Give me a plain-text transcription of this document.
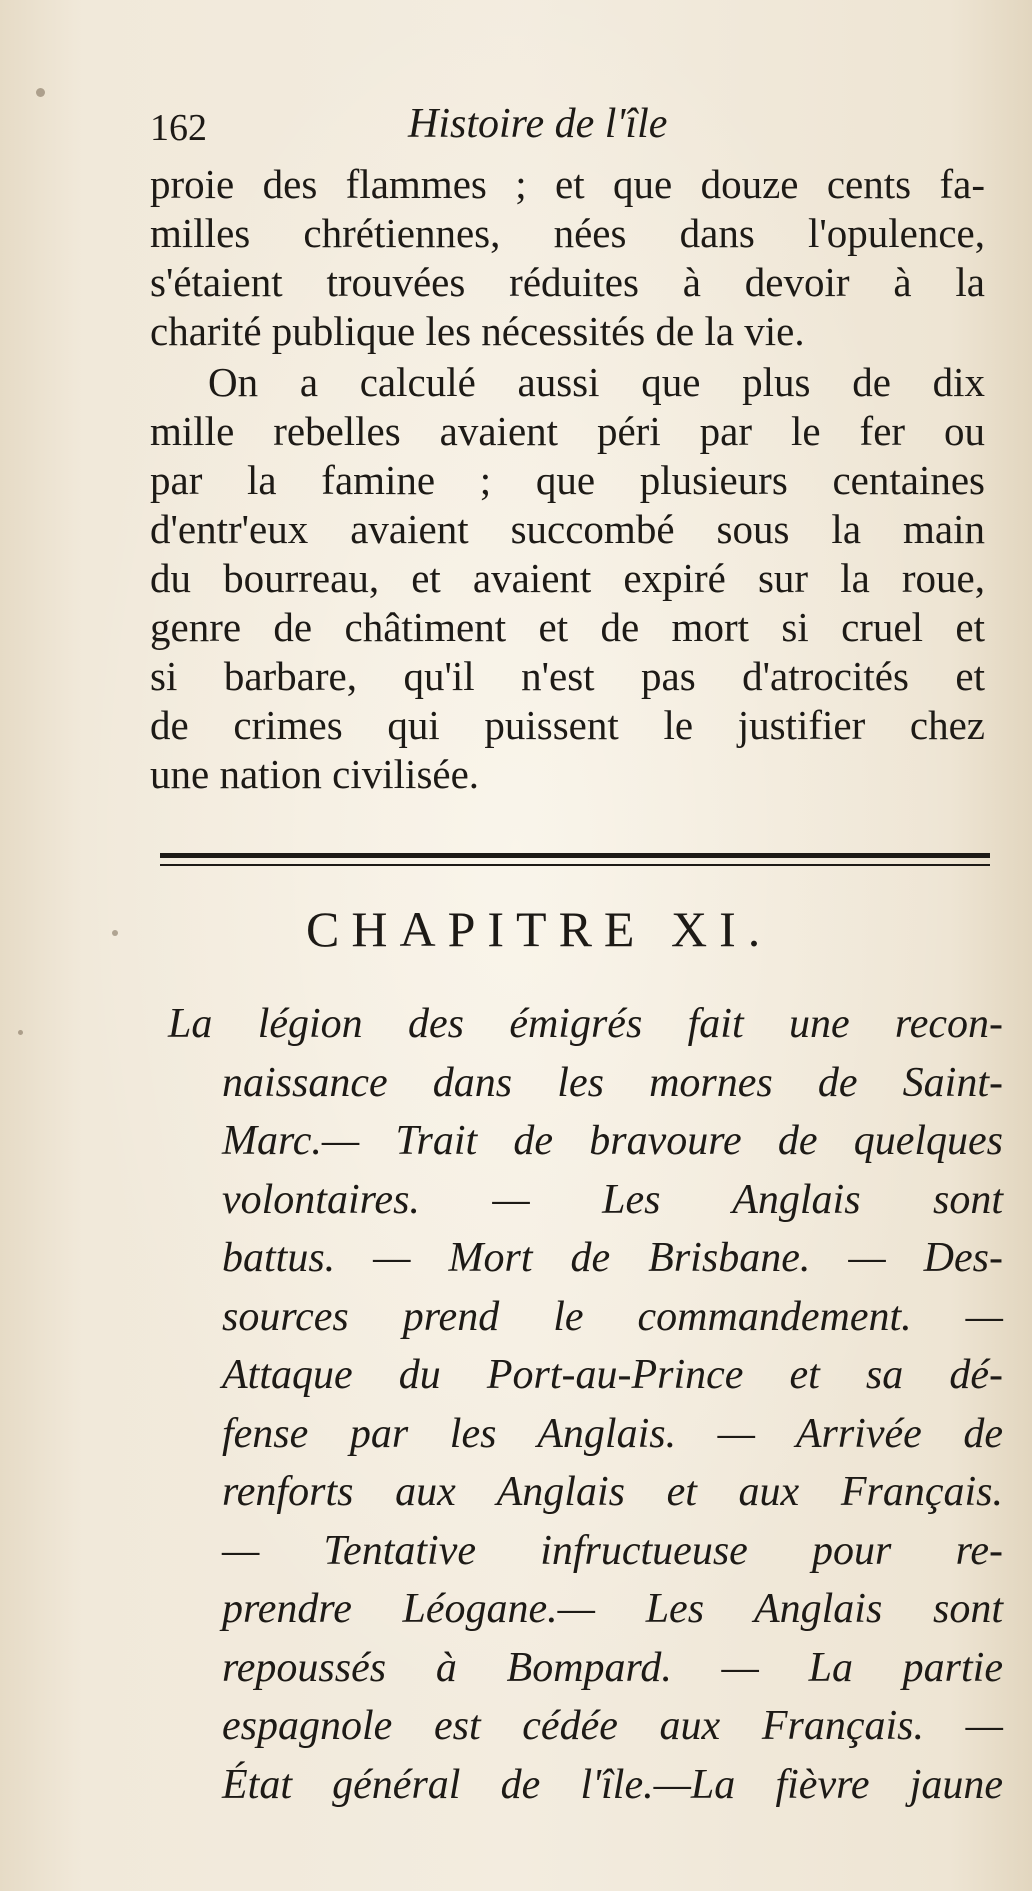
162	Histoire de l'île
proie des flammes ; et que douze cents fa-
milles chrétiennes, nées dans l'opulence,
s'étaient trouvées réduites à devoir à la
charité publique les nécessités de la vie.
On a calculé aussi que plus de dix
mille rebelles avaient péri par le fer ou
par la famine ; que plusieurs centaines
d'entr'eux avaient succombé sous la main
du bourreau, et avaient expiré sur la roue,
genre de châtiment et de mort si cruel et
si barbare, qu'il n'est pas d'atrocités et
de crimes qui puissent le justifier chez
une nation civilisée.
CHAPITRE XI.
La légion des émigrés fait une recon-
naissance dans les mornes de Saint-
Marc.— Trait de bravoure de quelques
volontaires. — Les Anglais sont
battus. — Mort de Brisbane. — Des-
sources prend le commandement. —
Attaque du Port-au-Prince et sa dé-
fense par les Anglais. — Arrivée de
renforts aux Anglais et aux Français.
— Tentative infructueuse pour re-
prendre Léogane.— Les Anglais sont
repoussés à Bompard. — La partie
espagnole est cédée aux Français. —
État général de l'île.—La fièvre jaune
